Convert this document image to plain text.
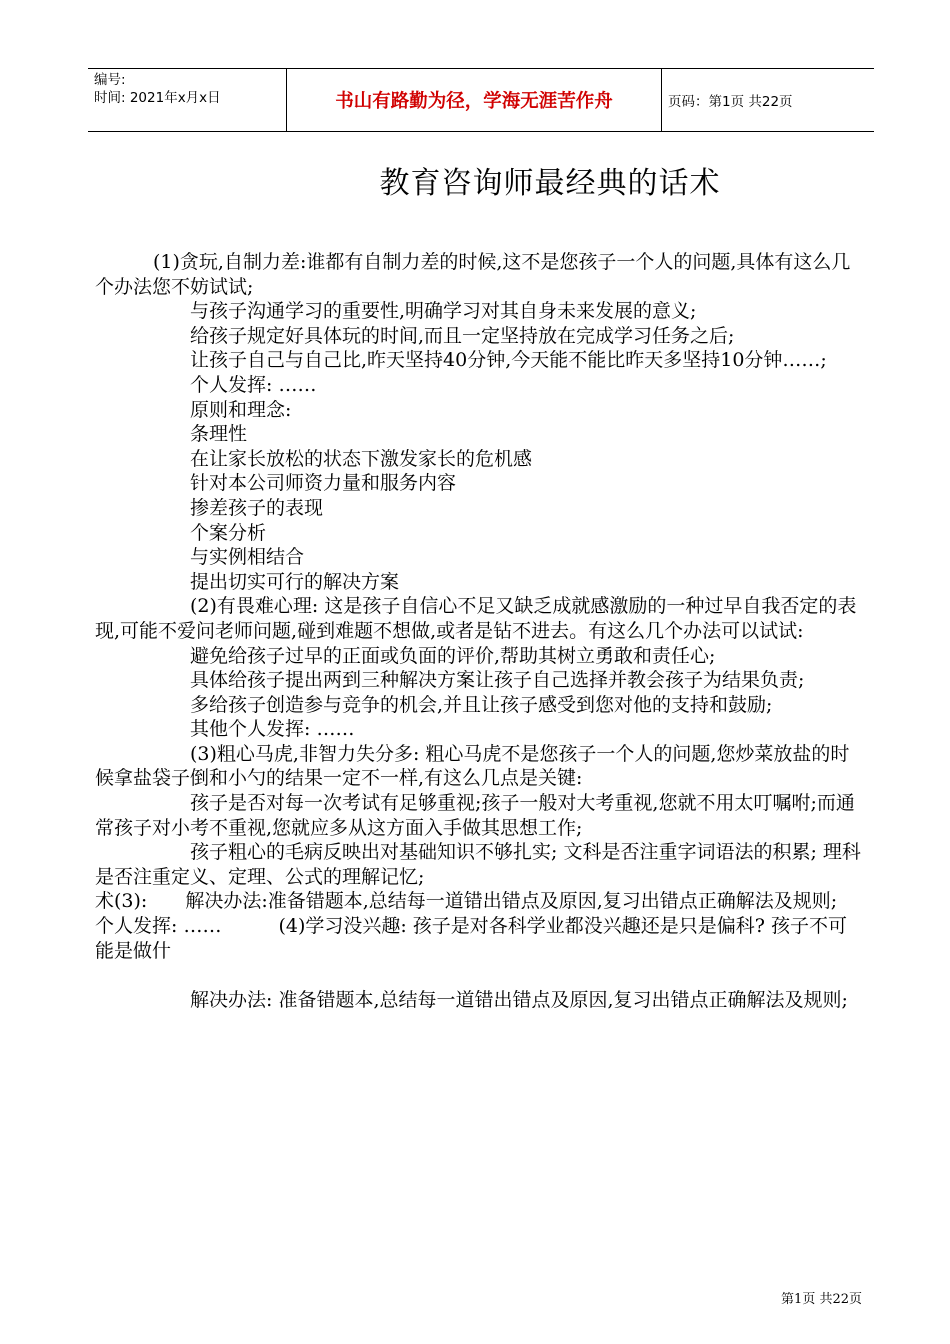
编号:
时间: 2021年x月x日	书山有路勤为径，学海无涯苦作舟	页码：第1页 共22页
教育咨询师最经典的话术

(1)贪玩,自制力差:谁都有自制力差的时候,这不是您孩子一个人的问题,具体有这么几个办法您不妨试试;

与孩子沟通学习的重要性,明确学习对其自身未来发展的意义;

给孩子规定好具体玩的时间,而且一定坚持放在完成学习任务之后;

让孩子自己与自己比,昨天坚持40分钟,今天能不能比昨天多坚持10分钟……;

个人发挥: ……

原则和理念:

条理性

在让家长放松的状态下激发家长的危机感

针对本公司师资力量和服务内容

掺差孩子的表现

个案分析

与实例相结合

提出切实可行的解决方案

(2)有畏难心理: 这是孩子自信心不足又缺乏成就感激励的一种过早自我否定的表现,可能不爱问老师问题,碰到难题不想做,或者是钻不进去。有这么几个办法可以试试:

避免给孩子过早的正面或负面的评价,帮助其树立勇敢和责任心;

具体给孩子提出两到三种解决方案让孩子自己选择并教会孩子为结果负责;

多给孩子创造参与竞争的机会,并且让孩子感受到您对他的支持和鼓励;

其他个人发挥: ……

(3)粗心马虎,非智力失分多: 粗心马虎不是您孩子一个人的问题,您炒菜放盐的时候拿盐袋子倒和小勺的结果一定不一样,有这么几点是关键:

孩子是否对每一次考试有足够重视;孩子一般对大考重视,您就不用太叮嘱咐;而通常孩子对小考不重视,您就应多从这方面入手做其思想工作;

孩子粗心的毛病反映出对基础知识不够扎实; 文科是否注重字词语法的积累; 理科是否注重定义、定理、公式的理解记忆;

术(3):　　解决办法:准备错题本,总结每一道错出错点及原因,复习出错点正确解法及规则;　　　个人发挥: ……　　　(4)学习没兴趣: 孩子是对各科学业都没兴趣还是只是偏科? 孩子不可能是做什

解决办法: 准备错题本,总结每一道错出错点及原因,复习出错点正确解法及规则;

第1页 共22页
